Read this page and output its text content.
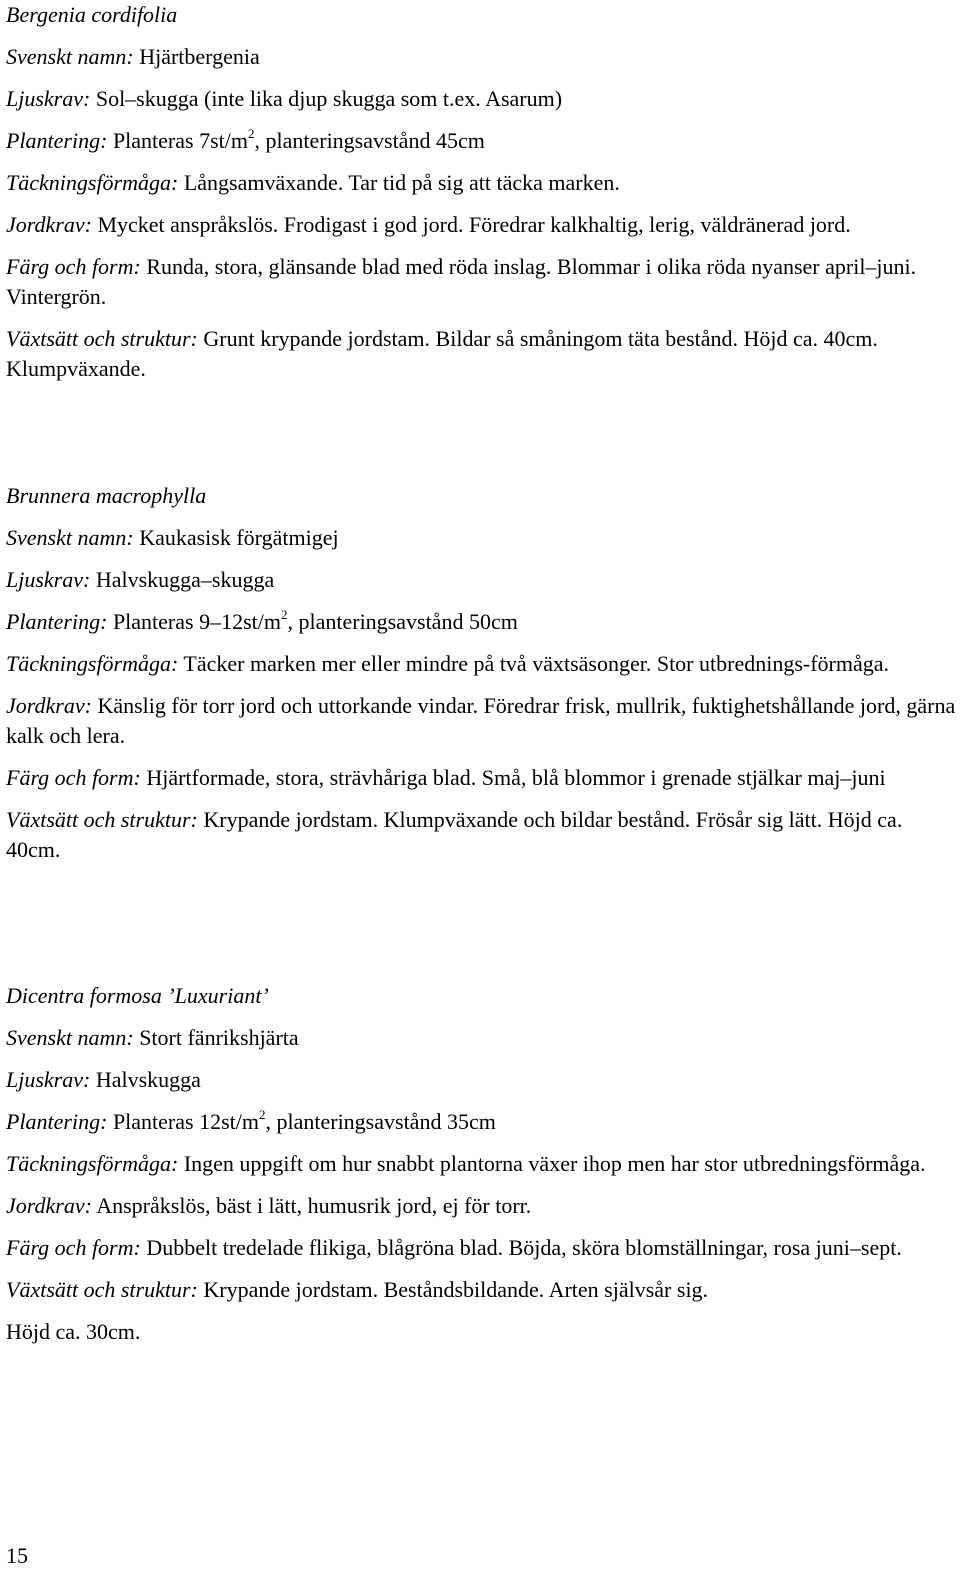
Bergenia cordifolia

Svenskt namn: Hjärtbergenia

Ljuskrav: Sol–skugga (inte lika djup skugga som t.ex. Asarum)

Plantering: Planteras $7st/m^2$, planteringsavstånd 45cm

Täckningsförmåga: Långsamväxande. Tar tid på sig att täcka marken.

Jordkrav: Mycket anspråkslös. Frodigast i god jord. Föredrar kalkhaltig, lerig, väldränerad jord.

Färg och form: Runda, stora, glänsande blad med röda inslag. Blommar i olika röda nyanser april–juni. Vintergrön.

Växtsätt och struktur: Grunt krypande jordstam. Bildar så småningom täta bestånd. Höjd ca. 40cm. Klumpväxande.

Brunnera macrophylla

Svenskt namn: Kaukasisk förgätmigej

Ljuskrav: Halvskugga–skugga

Plantering: Planteras $9-12st/m^2$, planteringsavstånd 50cm

Täckningsförmåga: Täcker marken mer eller mindre på två växtsäsonger. Stor utbrednings-förmåga.

Jordkrav: Känslig för torr jord och uttorkande vindar. Föredrar frisk, mullrik, fuktighetshållande jord, gärna kalk och lera.

Färg och form: Hjärtformade, stora, strävhåriga blad. Små, blå blommor i grenade stjälkar maj–juni

Växtsätt och struktur: Krypande jordstam. Klumpväxande och bildar bestånd. Frösår sig lätt. Höjd ca. 40cm.

Dicentra formosa ’Luxuriant’

Svenskt namn: Stort fänrikshjärta

Ljuskrav: Halvskugga

Plantering: Planteras $12st/m^2$, planteringsavstånd 35cm

Täckningsförmåga: Ingen uppgift om hur snabbt plantorna växer ihop men har stor utbredningsförmåga.

Jordkrav: Anspråkslös, bäst i lätt, humusrik jord, ej för torr.

Färg och form: Dubbelt tredelade flikiga, blågröna blad. Böjda, sköra blomställningar, rosa juni–sept.

Växtsätt och struktur: Krypande jordstam. Beståndsbildande. Arten självsår sig.

Höjd ca. 30cm.

15
